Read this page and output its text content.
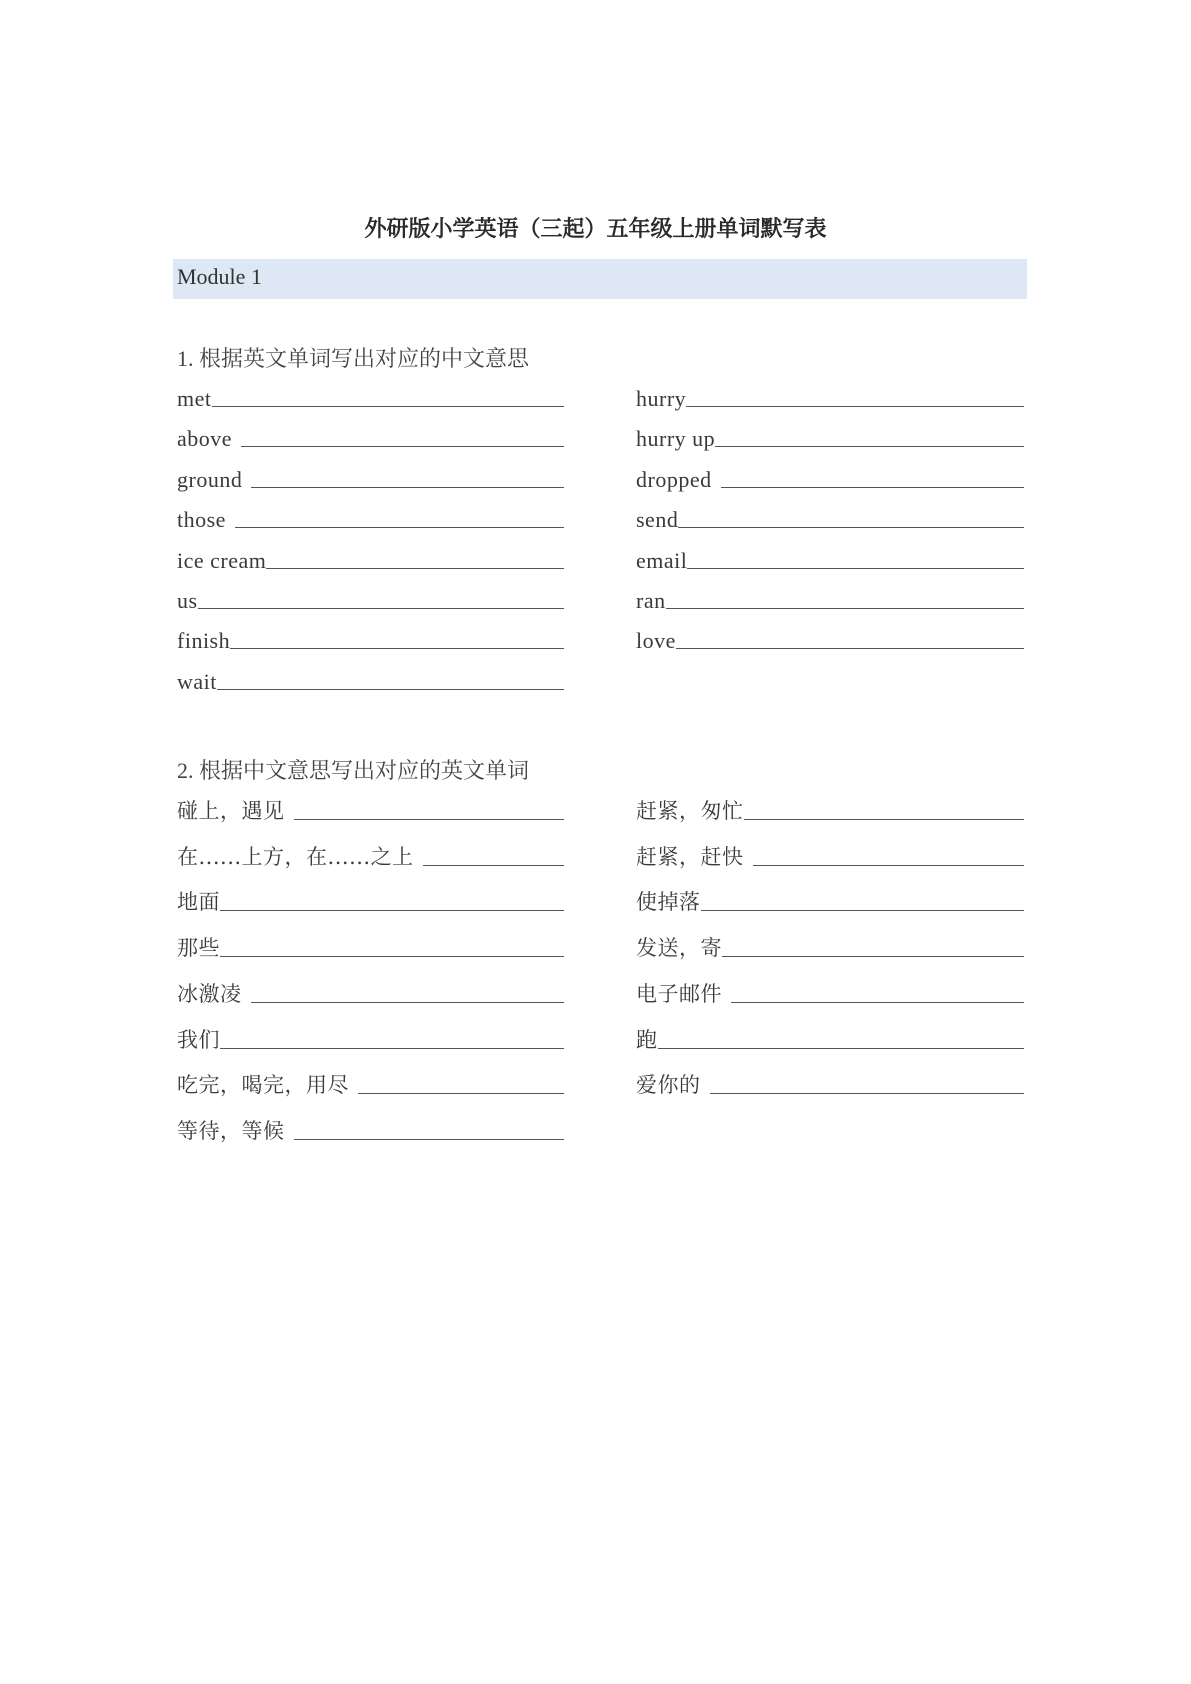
外研版小学英语（三起）五年级上册单词默写表
Module 1
1. 根据英文单词写出对应的中文意思
2. 根据中文意思写出对应的英文单词
met
above
ground
those
ice cream
us
finish
wait
hurry
hurry up
dropped
send
email
ran
love
碰上，遇见
在......上方，在......之上
地面
那些
冰激凌
我们
吃完，喝完，用尽
等待，等候
赶紧，匆忙
赶紧，赶快
使掉落
发送，寄
电子邮件
跑
爱你的
